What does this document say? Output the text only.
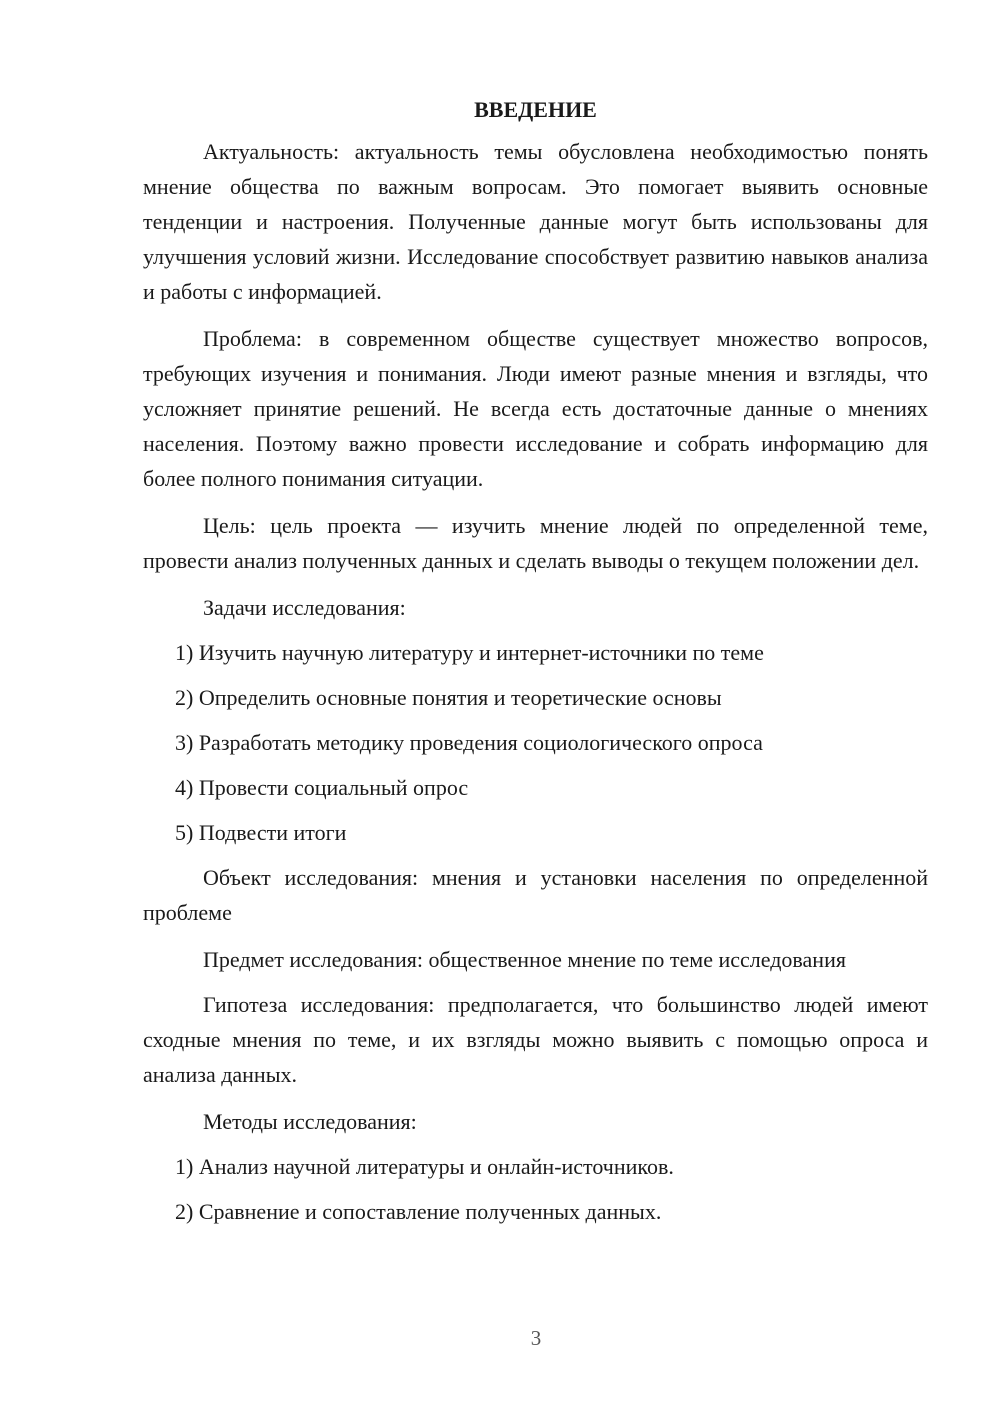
ВВЕДЕНИЕ

Актуальность: актуальность темы обусловлена необходимостью понять мнение общества по важным вопросам. Это помогает выявить основные тенденции и настроения. Полученные данные могут быть использованы для улучшения условий жизни. Исследование способствует развитию навыков анализа и работы с информацией.

Проблема: в современном обществе существует множество вопросов, требующих изучения и понимания. Люди имеют разные мнения и взгляды, что усложняет принятие решений. Не всегда есть достаточные данные о мнениях населения. Поэтому важно провести исследование и собрать информацию для более полного понимания ситуации.

Цель: цель проекта — изучить мнение людей по определенной теме, провести анализ полученных данных и сделать выводы о текущем положении дел.

Задачи исследования:

1) Изучить научную литературу и интернет-источники по теме
2) Определить основные понятия и теоретические основы
3) Разработать методику проведения социологического опроса
4) Провести социальный опрос
5) Подвести итоги

Объект исследования: мнения и установки населения по определенной проблеме

Предмет исследования: общественное мнение по теме исследования

Гипотеза исследования: предполагается, что большинство людей имеют сходные мнения по теме, и их взгляды можно выявить с помощью опроса и анализа данных.

Методы исследования:

1) Анализ научной литературы и онлайн-источников.
2) Сравнение и сопоставление полученных данных.
3
